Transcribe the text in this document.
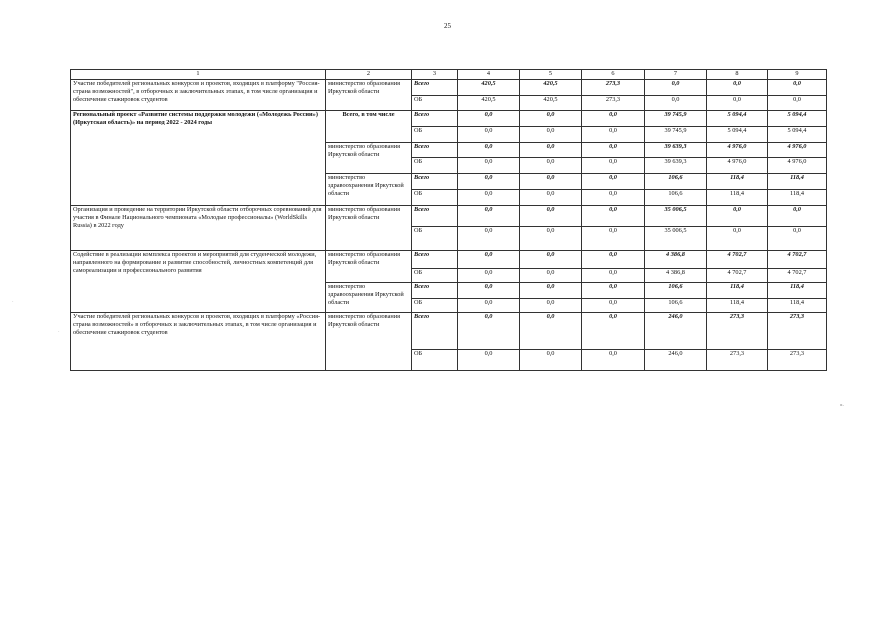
25
1	2	3	4	5	6	7	8	9
Участие победителей региональных конкурсов и проектов, входящих в платформу "Россия- страна возможностей", в отборочных и заключительных этапах, в том числе организация и обеспечение стажировок студентов	министерство образования Иркутской области	Всего	420,5	420,5	273,3	0,0	0,0	0,0
		ОБ	420,5	420,5	273,3	0,0	0,0	0,0
Региональный проект «Развитие системы поддержки молодежи («Молодежь России») (Иркутская область)» на период 2022 - 2024 годы	Всего, в том числе	Всего	0,0	0,0	0,0	39 745,9	5 094,4	5 094,4
		ОБ	0,0	0,0	0,0	39 745,9	5 094,4	5 094,4
	министерство образования Иркутской области	Всего	0,0	0,0	0,0	39 639,3	4 976,0	4 976,0
		ОБ	0,0	0,0	0,0	39 639,3	4 976,0	4 976,0
	министерство здравоохранения Иркутской области	Всего	0,0	0,0	0,0	106,6	118,4	118,4
		ОБ	0,0	0,0	0,0	106,6	118,4	118,4
Организация и проведение на территории Иркутской области отборочных соревнований для участия в Финале Национального чемпионата «Молодые профессионалы» (WorldSkills Russia) в 2022 году	министерство образования Иркутской области	Всего	0,0	0,0	0,0	35 006,5	0,0	0,0
		ОБ	0,0	0,0	0,0	35 006,5	0,0	0,0
Содействие в реализации комплекса проектов и мероприятий для студенческой молодежи, направленного на формирование и развитие способностей, личностных компетенций для самореализации и профессионального развития	министерство образования Иркутской области	Всего	0,0	0,0	0,0	4 386,8	4 702,7	4 702,7
		ОБ	0,0	0,0	0,0	4 386,8	4 702,7	4 702,7
	министерство здравоохранения Иркутской области	Всего	0,0	0,0	0,0	106,6	118,4	118,4
		ОБ	0,0	0,0	0,0	106,6	118,4	118,4
Участие победителей региональных конкурсов и проектов, входящих в платформу «Россия- страна возможностей» в отборочных и заключительных этапах, в том числе организация и обеспечение стажировок студентов	министерство образования Иркутской области	Всего	0,0	0,0	0,0	246,0	273,3	273,3
		ОБ	0,0	0,0	0,0	246,0	273,3	273,3
».
·
·
